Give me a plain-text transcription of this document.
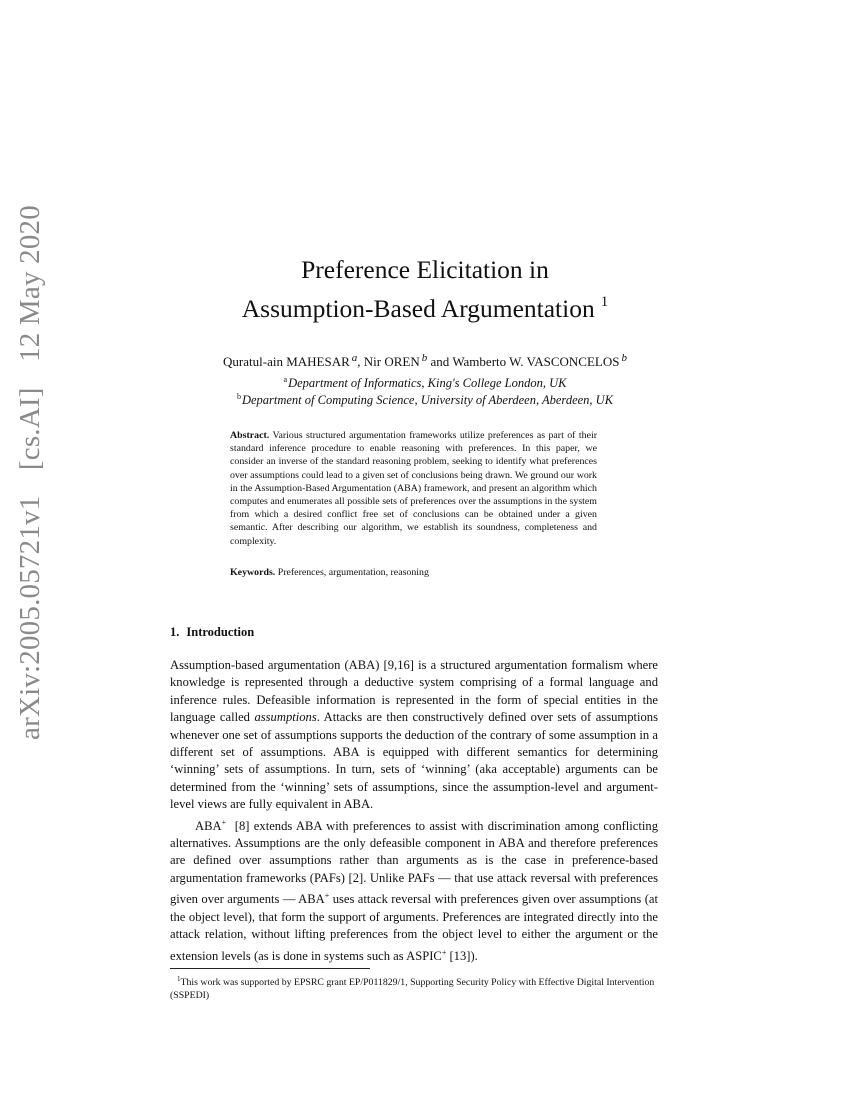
arXiv:2005.05721v1 [cs.AI] 12 May 2020	Preference Elicitation in
Assumption-Based Argumentation $^1$
Quratul-ain MAHESAR $^a$, Nir OREN $^b$ and Wamberto W. VASCONCELOS $^b$
$^a$Department of Informatics, King's College London, UK
$^b$Department of Computing Science, University of Aberdeen, Aberdeen, UK
Abstract. Various structured argumentation frameworks utilize preferences as part of their standard inference procedure to enable reasoning with preferences. In this paper, we consider an inverse of the standard reasoning problem, seeking to identify what preferences over assumptions could lead to a given set of conclusions being drawn. We ground our work in the Assumption-Based Argumentation (ABA) framework, and present an algorithm which computes and enumerates all possible sets of preferences over the assumptions in the system from which a desired conflict free set of conclusions can be obtained under a given semantic. After describing our algorithm, we establish its soundness, completeness and complexity.
Keywords. Preferences, argumentation, reasoning
1. Introduction

Assumption-based argumentation (ABA) [9,16] is a structured argumentation formalism where knowledge is represented through a deductive system comprising of a formal language and inference rules. Defeasible information is represented in the form of special entities in the language called assumptions. Attacks are then constructively defined over sets of assumptions whenever one set of assumptions supports the deduction of the contrary of some assumption in a different set of assumptions. ABA is equipped with different semantics for determining ‘winning’ sets of assumptions. In turn, sets of ‘winning’ (aka acceptable) arguments can be determined from the ‘winning’ sets of assumptions, since the assumption-level and argument-level views are fully equivalent in ABA.

ABA+  [8] extends ABA with preferences to assist with discrimination among conflicting alternatives. Assumptions are the only defeasible component in ABA and therefore preferences are defined over assumptions rather than arguments as is the case in preference-based argumentation frameworks (PAFs) [2]. Unlike PAFs — that use attack reversal with preferences given over arguments — ABA+ uses attack reversal with preferences given over assumptions (at the object level), that form the support of arguments. Preferences are integrated directly into the attack relation, without lifting preferences from the object level to either the argument or the extension levels (as is done in systems such as ASPIC+ [13]).

$^1$This work was supported by EPSRC grant EP/P011829/1, Supporting Security Policy with Effective Digital Intervention (SSPEDI)
